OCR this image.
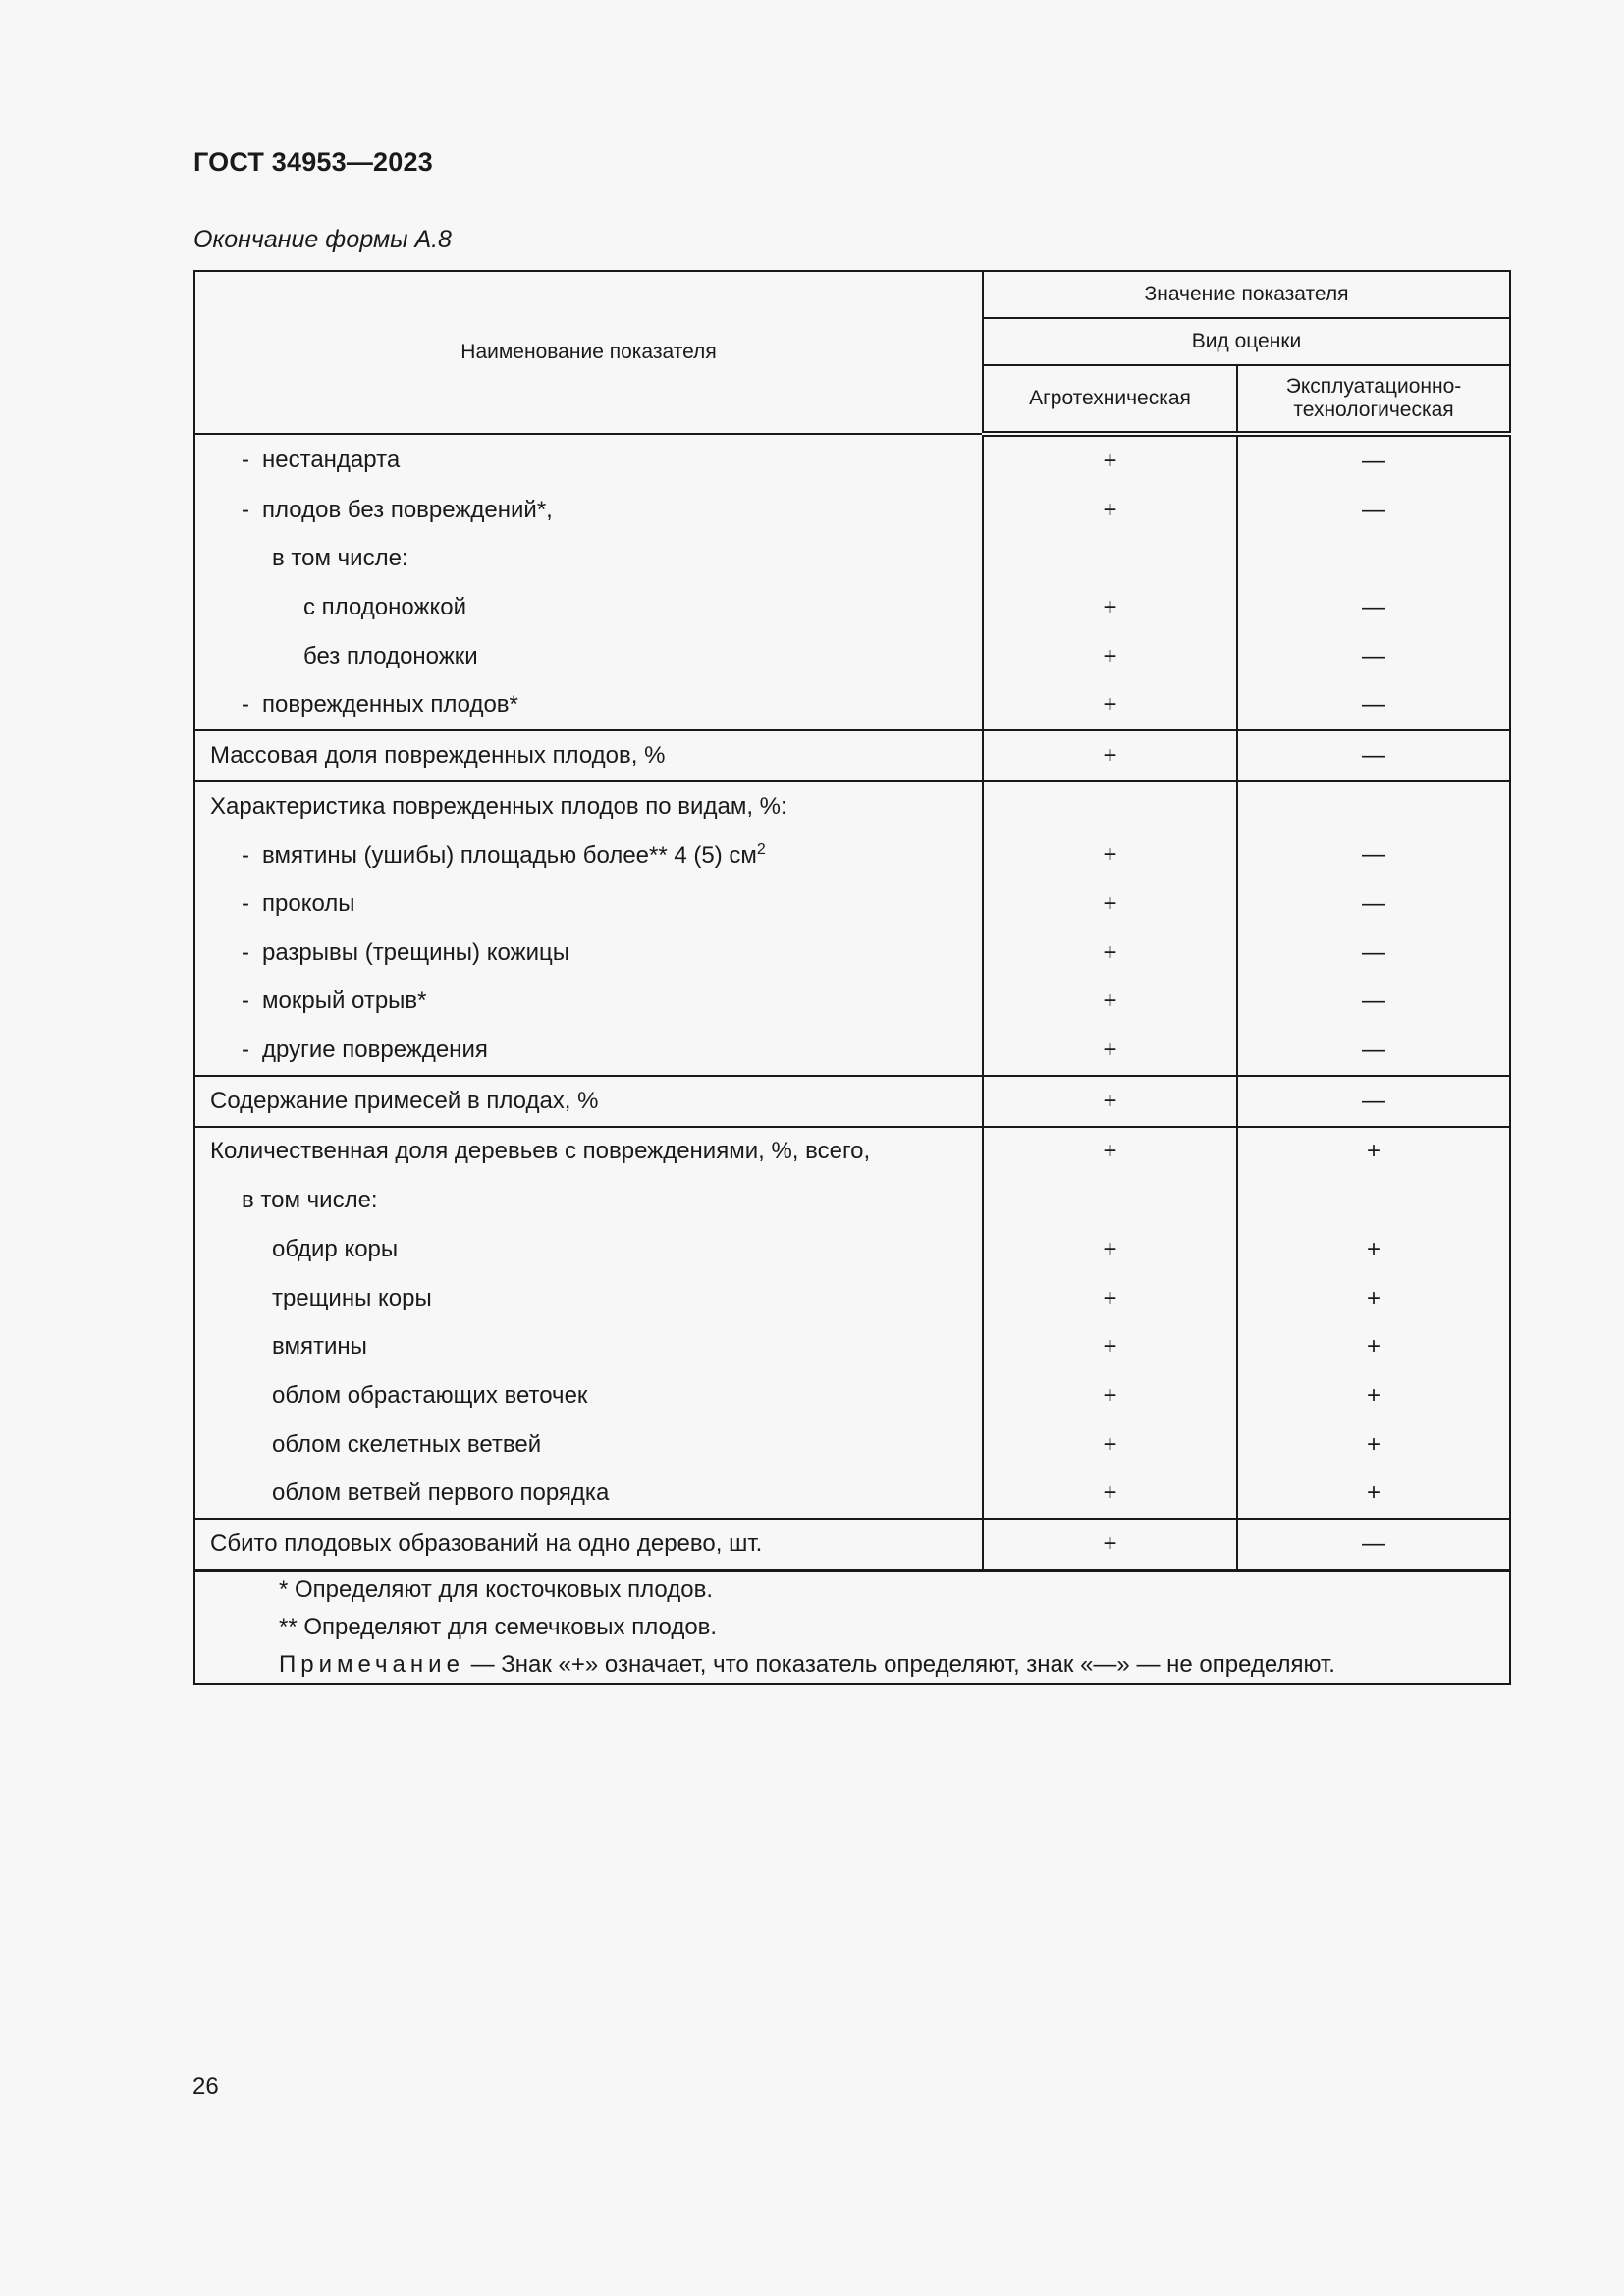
ГОСТ 34953—2023
Окончание формы А.8
Наименование показателя	Значение показателя	
	Вид оценки	
	Агротехническая	Эксплуатационно-
технологическая

- нестандарта	+	—
- плодов без повреждений*,	+	—
в том числе:		
с плодоножкой	+	—
без плодоножки	+	—
- поврежденных плодов*	+	—
Массовая доля поврежденных плодов, %	+	—
Характеристика поврежденных плодов по видам, %:		
- вмятины (ушибы) площадью более** 4 (5) $см^2$	+	—
- проколы	+	—
- разрывы (трещины) кожицы	+	—
- мокрый отрыв*	+	—
- другие повреждения	+	—
Содержание примесей в плодах, %	+	—
Количественная доля деревьев с повреждениями, %, всего,	+	+
в том числе:		
обдир коры	+	+
трещины коры	+	+
вмятины	+	+
облом обрастающих веточек	+	+
облом скелетных ветвей	+	+
облом ветвей первого порядка	+	+
Сбито плодовых образований на одно дерево, шт.	+	—

* Определяют для косточковых плодов.
** Определяют для семечковых плодов.
Примечание — Знак «+» означает, что показатель определяют, знак «—» — не определяют.		
26
